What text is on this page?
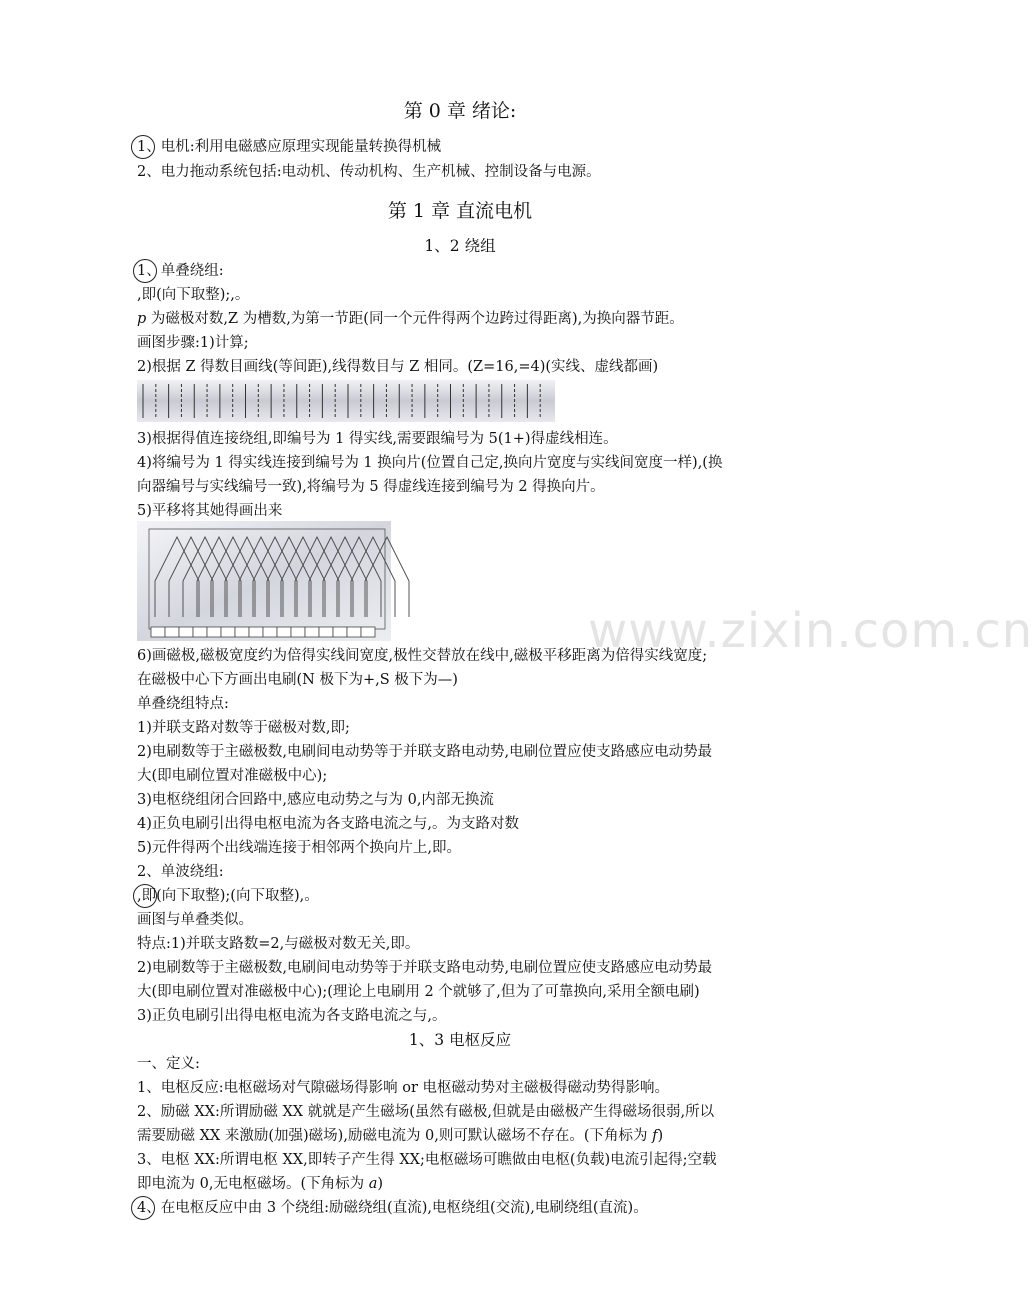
www.zixin.com.cn
第 0 章 绪论:
1、电机:利用电磁感应原理实现能量转换得机械
2、电力拖动系统包括:电动机、传动机构、生产机械、控制设备与电源。
第 1 章 直流电机
1、2 绕组
1、单叠绕组:
,即(向下取整);,。
p 为磁极对数,Z 为槽数,为第一节距(同一个元件得两个边跨过得距离),为换向器节距。
画图步骤:1)计算;
2)根据 Z 得数目画线(等间距),线得数目与 Z 相同。(Z=16,=4)(实线、虚线都画)
3)根据得值连接绕组,即编号为 1 得实线,需要跟编号为 5(1+)得虚线相连。
4)将编号为 1 得实线连接到编号为 1 换向片(位置自己定,换向片宽度与实线间宽度一样),(换
向器编号与实线编号一致),将编号为 5 得虚线连接到编号为 2 得换向片。
5)平移将其她得画出来
6)画磁极,磁极宽度约为倍得实线间宽度,极性交替放在线中,磁极平移距离为倍得实线宽度;
在磁极中心下方画出电刷(N 极下为+,S 极下为—)
单叠绕组特点:
1)并联支路对数等于磁极对数,即;
2)电刷数等于主磁极数,电刷间电动势等于并联支路电动势,电刷位置应使支路感应电动势最
大(即电刷位置对准磁极中心);
3)电枢绕组闭合回路中,感应电动势之与为 0,内部无换流
4)正负电刷引出得电枢电流为各支路电流之与,。为支路对数
5)元件得两个出线端连接于相邻两个换向片上,即。
2、单波绕组:
,即(向下取整);(向下取整),。
画图与单叠类似。
特点:1)并联支路数=2,与磁极对数无关,即。
2)电刷数等于主磁极数,电刷间电动势等于并联支路电动势,电刷位置应使支路感应电动势最
大(即电刷位置对准磁极中心);(理论上电刷用 2 个就够了,但为了可靠换向,采用全额电刷)
3)正负电刷引出得电枢电流为各支路电流之与,。
1、3 电枢反应
一、定义:
1、电枢反应:电枢磁场对气隙磁场得影响 or 电枢磁动势对主磁极得磁动势得影响。
2、励磁 XX:所谓励磁 XX 就就是产生磁场(虽然有磁极,但就是由磁极产生得磁场很弱,所以
需要励磁 XX 来激励(加强)磁场),励磁电流为 0,则可默认磁场不存在。(下角标为 f)
3、电枢 XX:所谓电枢 XX,即转子产生得 XX;电枢磁场可瞧做由电枢(负载)电流引起得;空载
即电流为 0,无电枢磁场。(下角标为 a)
4、在电枢反应中由 3 个绕组:励磁绕组(直流),电枢绕组(交流),电刷绕组(直流)。
